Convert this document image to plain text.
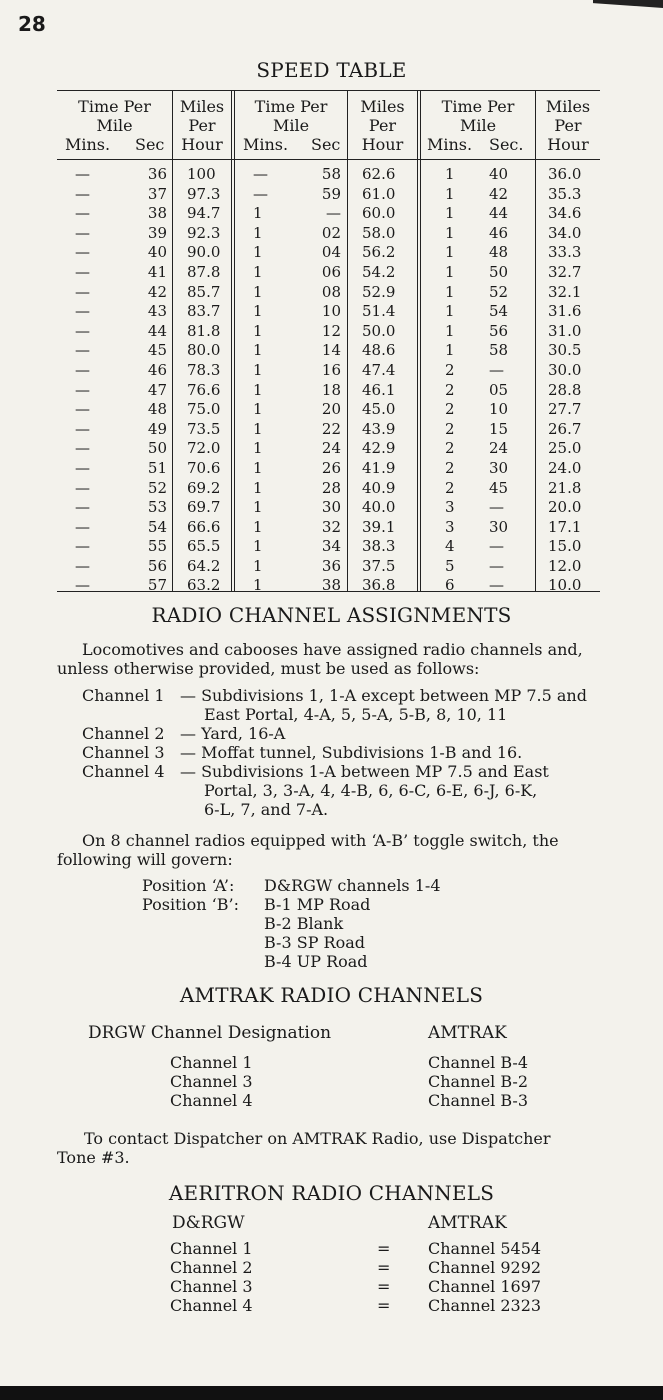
28
SPEED TABLE
Time Per
Mile
Mins. Sec
Miles
Per
Hour
Time Per
Mile
Mins. Sec
Miles
Per
Hour
Time Per
Mile
Mins. Sec.
Miles
Per
Hour
—	36 100	—	58 62.6	1	40	36.0
—	37 97.3	—	59 61.0	1	42	35.3
—	38 94.7	1	— 60.0	1	44	34.6
—	39 92.3	1	02 58.0	1	46	34.0
—	40 90.0	1	04 56.2	1	48	33.3
—	41 87.8	1	06 54.2	1	50	32.7
—	42 85.7	1	08 52.9	1	52	32.1
—	43 83.7	1	10 51.4	1	54	31.6
—	44 81.8	1	12 50.0	1	56	31.0
—	45 80.0	1	14 48.6	1	58	30.5
—	46 78.3	1	16 47.4	2	—	30.0
—	47 76.6	1	18 46.1	2	05	28.8
—	48 75.0	1	20 45.0	2	10	27.7
—	49 73.5	1	22 43.9	2	15	26.7
—	50 72.0	1	24 42.9	2	24	25.0
—	51 70.6	1	26 41.9	2	30	24.0
—	52 69.2	1	28 40.9	2	45	21.8
—	53 69.7	1	30 40.0	3	—	20.0
—	54 66.6	1	32 39.1	3	30	17.1
—	55 65.5	1	34 38.3	4	—	15.0
—	56 64.2	1	36 37.5	5	—	12.0
—	57 63.2	1	38 36.8	6	—	10.0
RADIO CHANNEL ASSIGNMENTS
Locomotives and cabooses have assigned radio channels and,
unless otherwise provided, must be used as follows:
Channel 1 — Subdivisions 1, 1-A except between MP 7.5 and
East Portal, 4-A, 5, 5-A, 5-B, 8, 10, 11
Channel 2 — Yard, 16-A
Channel 3 — Moffat tunnel, Subdivisions 1-B and 16.
Channel 4 — Subdivisions 1-A between MP 7.5 and East
Portal, 3, 3-A, 4, 4-B, 6, 6-C, 6-E, 6-J, 6-K,
6-L, 7, and 7-A.
On 8 channel radios equipped with ‘A-B’ toggle switch, the
following will govern:
Position ‘A’: D&RGW channels 1-4
Position ‘B’: B-1 MP Road
B-2 Blank
B-3 SP Road
B-4 UP Road
AMTRAK RADIO CHANNELS
DRGW Channel Designation	AMTRAK
Channel 1	Channel B-4
Channel 3	Channel B-2
Channel 4	Channel B-3
To contact Dispatcher on AMTRAK Radio, use Dispatcher
Tone #3.
AERITRON RADIO CHANNELS
D&RGW	AMTRAK
Channel 1	= Channel 5454
Channel 2	= Channel 9292
Channel 3	= Channel 1697
Channel 4	= Channel 2323
